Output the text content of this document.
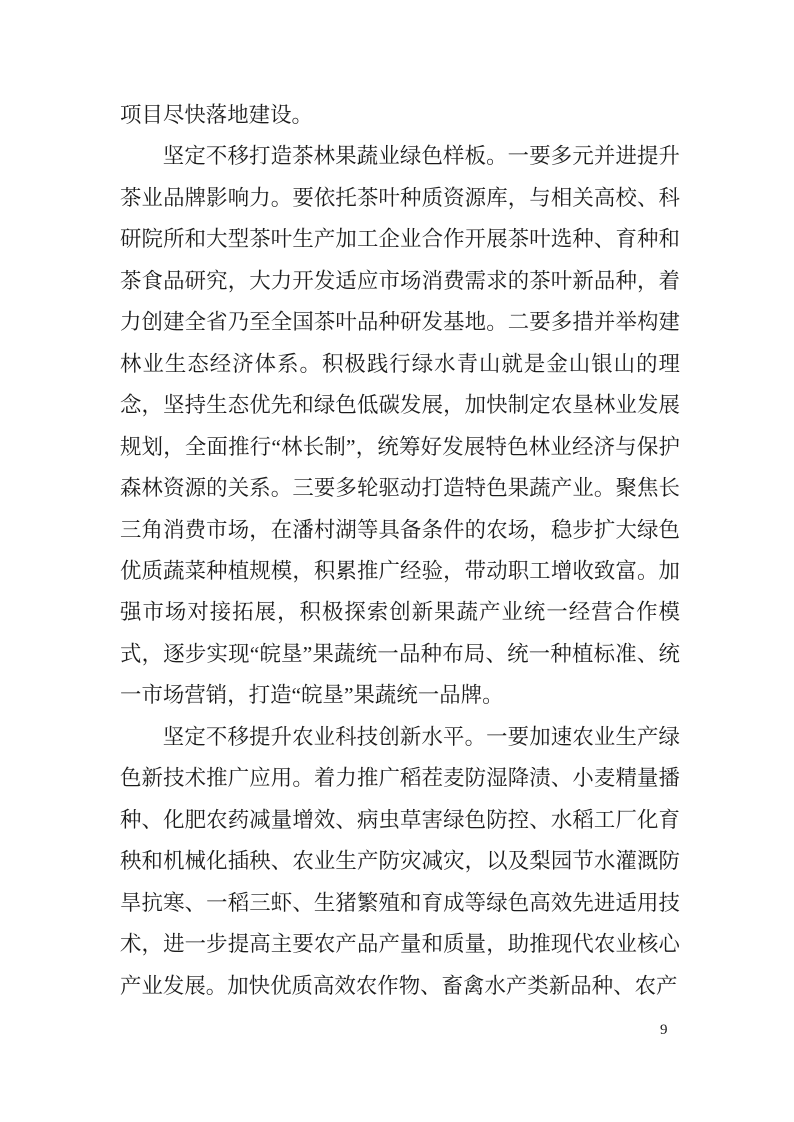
项目尽快落地建设。

坚定不移打造茶林果蔬业绿色样板。一要多元并进提升茶业品牌影响力。要依托茶叶种质资源库，与相关高校、科研院所和大型茶叶生产加工企业合作开展茶叶选种、育种和茶食品研究，大力开发适应市场消费需求的茶叶新品种，着力创建全省乃至全国茶叶品种研发基地。二要多措并举构建林业生态经济体系。积极践行绿水青山就是金山银山的理念，坚持生态优先和绿色低碳发展，加快制定农垦林业发展规划，全面推行“林长制”，统筹好发展特色林业经济与保护森林资源的关系。三要多轮驱动打造特色果蔬产业。聚焦长三角消费市场，在潘村湖等具备条件的农场，稳步扩大绿色优质蔬菜种植规模，积累推广经验，带动职工增收致富。加强市场对接拓展，积极探索创新果蔬产业统一经营合作模式，逐步实现“皖垦”果蔬统一品种布局、统一种植标准、统一市场营销，打造“皖垦”果蔬统一品牌。

坚定不移提升农业科技创新水平。一要加速农业生产绿色新技术推广应用。着力推广稻茬麦防湿降渍、小麦精量播种、化肥农药减量增效、病虫草害绿色防控、水稻工厂化育秧和机械化插秧、农业生产防灾减灾，以及梨园节水灌溉防旱抗寒、一稻三虾、生猪繁殖和育成等绿色高效先进适用技术，进一步提高主要农产品产量和质量，助推现代农业核心产业发展。加快优质高效农作物、畜禽水产类新品种、农产

9
